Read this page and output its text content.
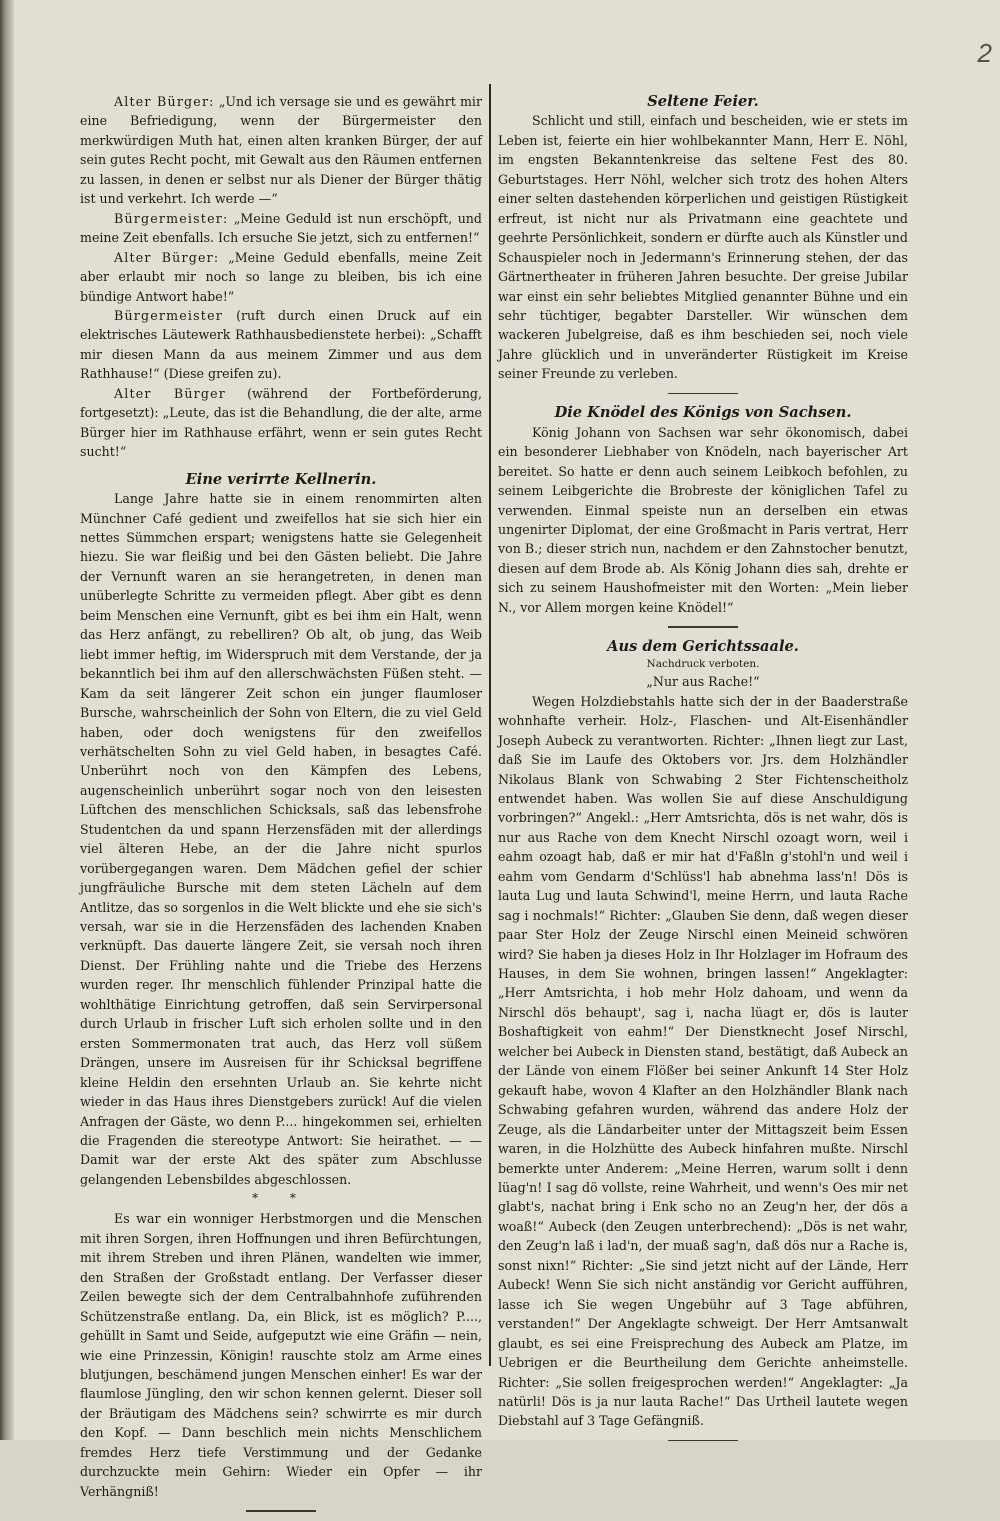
2

Alter Bürger: „Und ich versage sie und es gewährt mir eine Befriedigung, wenn der Bürgermeister den merkwürdigen Muth hat, einen alten kranken Bürger, der auf sein gutes Recht pocht, mit Gewalt aus den Räumen entfernen zu lassen, in denen er selbst nur als Diener der Bürger thätig ist und verkehrt. Ich werde —“

Bürgermeister: „Meine Geduld ist nun erschöpft, und meine Zeit ebenfalls. Ich ersuche Sie jetzt, sich zu entfernen!“

Alter Bürger: „Meine Geduld ebenfalls, meine Zeit aber erlaubt mir noch so lange zu bleiben, bis ich eine bündige Antwort habe!“

Bürgermeister (ruft durch einen Druck auf ein elektrisches Läutewerk Rathhausbedienstete herbei): „Schafft mir diesen Mann da aus meinem Zimmer und aus dem Rathhause!“ (Diese greifen zu).

Alter Bürger (während der Fortbeförderung, fortgesetzt): „Leute, das ist die Behandlung, die der alte, arme Bürger hier im Rathhause erfährt, wenn er sein gutes Recht sucht!“

Eine verirrte Kellnerin.

Lange Jahre hatte sie in einem renommirten alten Münchner Café gedient und zweifellos hat sie sich hier ein nettes Sümmchen erspart; wenigstens hatte sie Gelegenheit hiezu. Sie war fleißig und bei den Gästen beliebt. Die Jahre der Vernunft waren an sie herangetreten, in denen man unüberlegte Schritte zu vermeiden pflegt. Aber gibt es denn beim Menschen eine Vernunft, gibt es bei ihm ein Halt, wenn das Herz anfängt, zu rebelliren? Ob alt, ob jung, das Weib liebt immer heftig, im Widerspruch mit dem Verstande, der ja bekanntlich bei ihm auf den allerschwächsten Füßen steht. — Kam da seit längerer Zeit schon ein junger flaumloser Bursche, wahrscheinlich der Sohn von Eltern, die zu viel Geld haben, oder doch wenigstens für den zweifellos verhätschelten Sohn zu viel Geld haben, in besagtes Café. Unberührt noch von den Kämpfen des Lebens, augenscheinlich unberührt sogar noch von den leisesten Lüftchen des menschlichen Schicksals, saß das lebensfrohe Studentchen da und spann Herzensfäden mit der allerdings viel älteren Hebe, an der die Jahre nicht spurlos vorübergegangen waren. Dem Mädchen gefiel der schier jungfräuliche Bursche mit dem steten Lächeln auf dem Antlitze, das so sorgenlos in die Welt blickte und ehe sie sich's versah, war sie in die Herzensfäden des lachenden Knaben verknüpft. Das dauerte längere Zeit, sie versah noch ihren Dienst. Der Frühling nahte und die Triebe des Herzens wurden reger. Ihr menschlich fühlender Prinzipal hatte die wohlthätige Einrichtung getroffen, daß sein Servirpersonal durch Urlaub in frischer Luft sich erholen sollte und in den ersten Sommermonaten trat auch, das Herz voll süßem Drängen, unsere im Ausreisen für ihr Schicksal begriffene kleine Heldin den ersehnten Urlaub an. Sie kehrte nicht wieder in das Haus ihres Dienstgebers zurück! Auf die vielen Anfragen der Gäste, wo denn P.... hingekommen sei, erhielten die Fragenden die stereotype Antwort: Sie heirathet. — — Damit war der erste Akt des später zum Abschlusse gelangenden Lebensbildes abgeschlossen.

* *

Es war ein wonniger Herbstmorgen und die Menschen mit ihren Sorgen, ihren Hoffnungen und ihren Befürchtungen, mit ihrem Streben und ihren Plänen, wandelten wie immer, den Straßen der Großstadt entlang. Der Verfasser dieser Zeilen bewegte sich der dem Centralbahnhofe zuführenden Schützenstraße entlang. Da, ein Blick, ist es möglich? P...., gehüllt in Samt und Seide, aufgeputzt wie eine Gräfin — nein, wie eine Prinzessin, Königin! rauschte stolz am Arme eines blutjungen, beschämend jungen Menschen einher! Es war der flaumlose Jüngling, den wir schon kennen gelernt. Dieser soll der Bräutigam des Mädchens sein? schwirrte es mir durch den Kopf. — Dann beschlich mein nichts Menschlichem fremdes Herz tiefe Verstimmung und der Gedanke durchzuckte mein Gehirn: Wieder ein Opfer — ihr Verhängniß!

Seltene Feier.

Schlicht und still, einfach und bescheiden, wie er stets im Leben ist, feierte ein hier wohlbekannter Mann, Herr E. Nöhl, im engsten Bekanntenkreise das seltene Fest des 80. Geburtstages. Herr Nöhl, welcher sich trotz des hohen Alters einer selten dastehenden körperlichen und geistigen Rüstigkeit erfreut, ist nicht nur als Privatmann eine geachtete und geehrte Persönlichkeit, sondern er dürfte auch als Künstler und Schauspieler noch in Jedermann's Erinnerung stehen, der das Gärtnertheater in früheren Jahren besuchte. Der greise Jubilar war einst ein sehr beliebtes Mitglied genannter Bühne und ein sehr tüchtiger, begabter Darsteller. Wir wünschen dem wackeren Jubelgreise, daß es ihm beschieden sei, noch viele Jahre glücklich und in unveränderter Rüstigkeit im Kreise seiner Freunde zu verleben.

Die Knödel des Königs von Sachsen.

König Johann von Sachsen war sehr ökonomisch, dabei ein besonderer Liebhaber von Knödeln, nach bayerischer Art bereitet. So hatte er denn auch seinem Leibkoch befohlen, zu seinem Leibgerichte die Brobreste der königlichen Tafel zu verwenden. Einmal speiste nun an derselben ein etwas ungenirter Diplomat, der eine Großmacht in Paris vertrat, Herr von B.; dieser strich nun, nachdem er den Zahnstocher benutzt, diesen auf dem Brode ab. Als König Johann dies sah, drehte er sich zu seinem Haushofmeister mit den Worten: „Mein lieber N., vor Allem morgen keine Knödel!“

Aus dem Gerichtssaale.

Nachdruck verboten.

„Nur aus Rache!“

Wegen Holzdiebstahls hatte sich der in der Baaderstraße wohnhafte verheir. Holz-, Flaschen- und Alt-Eisenhändler Joseph Aubeck zu verantworten. Richter: „Ihnen liegt zur Last, daß Sie im Laufe des Oktobers vor. Jrs. dem Holzhändler Nikolaus Blank von Schwabing 2 Ster Fichtenscheitholz entwendet haben. Was wollen Sie auf diese Anschuldigung vorbringen?“ Angekl.: „Herr Amtsrichta, dös is net wahr, dös is nur aus Rache von dem Knecht Nirschl ozoagt worn, weil i eahm ozoagt hab, daß er mir hat d'Faßln g'stohl'n und weil i eahm vom Gendarm d'Schlüss'l hab abnehma lass'n! Dös is lauta Lug und lauta Schwind'l, meine Herrn, und lauta Rache sag i nochmals!“ Richter: „Glauben Sie denn, daß wegen dieser paar Ster Holz der Zeuge Nirschl einen Meineid schwören wird? Sie haben ja dieses Holz in Ihr Holzlager im Hofraum des Hauses, in dem Sie wohnen, bringen lassen!“ Angeklagter: „Herr Amtsrichta, i hob mehr Holz dahoam, und wenn da Nirschl dös behaupt', sag i, nacha lüagt er, dös is lauter Boshaftigkeit von eahm!“ Der Dienstknecht Josef Nirschl, welcher bei Aubeck in Diensten stand, bestätigt, daß Aubeck an der Lände von einem Flößer bei seiner Ankunft 14 Ster Holz gekauft habe, wovon 4 Klafter an den Holzhändler Blank nach Schwabing gefahren wurden, während das andere Holz der Zeuge, als die Ländarbeiter unter der Mittagszeit beim Essen waren, in die Holzhütte des Aubeck hinfahren mußte. Nirschl bemerkte unter Anderem: „Meine Herren, warum sollt i denn lüag'n! I sag dö vollste, reine Wahrheit, und wenn's Oes mir net glabt's, nachat bring i Enk scho no an Zeug'n her, der dös a woaß!“ Aubeck (den Zeugen unterbrechend): „Dös is net wahr, den Zeug'n laß i lad'n, der muaß sag'n, daß dös nur a Rache is, sonst nixn!“ Richter: „Sie sind jetzt nicht auf der Lände, Herr Aubeck! Wenn Sie sich nicht anständig vor Gericht aufführen, lasse ich Sie wegen Ungebühr auf 3 Tage abführen, verstanden!“ Der Angeklagte schweigt. Der Herr Amtsanwalt glaubt, es sei eine Freisprechung des Aubeck am Platze, im Uebrigen er die Beurtheilung dem Gerichte anheimstelle. Richter: „Sie sollen freigesprochen werden!“ Angeklagter: „Ja natürli! Dös is ja nur lauta Rache!“ Das Urtheil lautete wegen Diebstahl auf 3 Tage Gefängniß.
